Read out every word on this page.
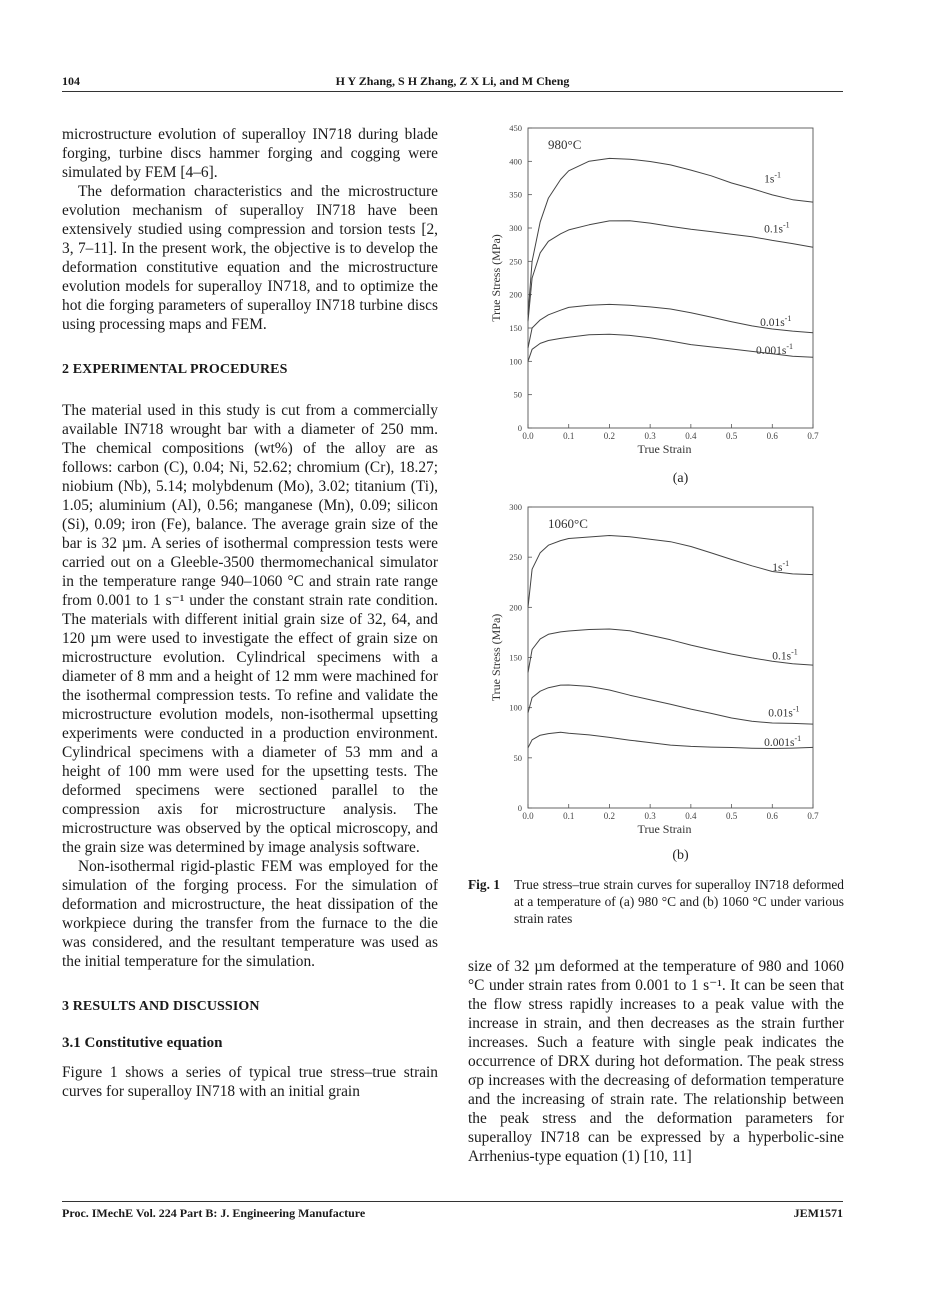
104	H Y Zhang, S H Zhang, Z X Li, and M Cheng

microstructure evolution of superalloy IN718 during blade forging, turbine discs hammer forging and cogging were simulated by FEM [4–6].

The deformation characteristics and the microstructure evolution mechanism of superalloy IN718 have been extensively studied using compression and torsion tests [2, 3, 7–11]. In the present work, the objective is to develop the deformation constitutive equation and the microstructure evolution models for superalloy IN718, and to optimize the hot die forging parameters of superalloy IN718 turbine discs using processing maps and FEM.

2 EXPERIMENTAL PROCEDURES

The material used in this study is cut from a commercially available IN718 wrought bar with a diameter of 250 mm. The chemical compositions (wt%) of the alloy are as follows: carbon (C), 0.04; Ni, 52.62; chromium (Cr), 18.27; niobium (Nb), 5.14; molybdenum (Mo), 3.02; titanium (Ti), 1.05; aluminium (Al), 0.56; manganese (Mn), 0.09; silicon (Si), 0.09; iron (Fe), balance. The average grain size of the bar is 32 µm. A series of isothermal compression tests were carried out on a Gleeble-3500 thermomechanical simulator in the temperature range 940–1060 °C and strain rate range from 0.001 to 1 s⁻¹ under the constant strain rate condition. The materials with different initial grain size of 32, 64, and 120 µm were used to investigate the effect of grain size on microstructure evolution. Cylindrical specimens with a diameter of 8 mm and a height of 12 mm were machined for the isothermal compression tests. To refine and validate the microstructure evolution models, non-isothermal upsetting experiments were conducted in a production environment. Cylindrical specimens with a diameter of 53 mm and a height of 100 mm were used for the upsetting tests. The deformed specimens were sectioned parallel to the compression axis for microstructure analysis. The microstructure was observed by the optical microscopy, and the grain size was determined by image analysis software.

Non-isothermal rigid-plastic FEM was employed for the simulation of the forging process. For the simulation of deformation and microstructure, the heat dissipation of the workpiece during the transfer from the furnace to the die was considered, and the resultant temperature was used as the initial temperature for the simulation.

3 RESULTS AND DISCUSSION

3.1 Constitutive equation

Figure 1 shows a series of typical true stress–true strain curves for superalloy IN718 with an initial grain

0.0	0.1	0.2	0.3	0.4	0.5	0.6	0.7
0
50
100
150
200
250
300
350
400
450
True Strain
True Stress (MPa)
980°C
$1s^{-1}$
$0.1s^{-1}$
$0.01s^{-1}$
$0.001s^{-1}$
(a)
0.0	0.1	0.2	0.3	0.4	0.5	0.6	0.7
0
50
100
150
200
250
300
True Strain
True Stress (MPa)
1060°C
$1s^{-1}$
$0.1s^{-1}$
$0.01s^{-1}$
$0.001s^{-1}$
(b)
Fig. 1 True stress–true strain curves for superalloy IN718 deformed at a temperature of (a) 980 °C and (b) 1060 °C under various strain rates

size of 32 µm deformed at the temperature of 980 and 1060 °C under strain rates from 0.001 to 1 s⁻¹. It can be seen that the flow stress rapidly increases to a peak value with the increase in strain, and then decreases as the strain further increases. Such a feature with single peak indicates the occurrence of DRX during hot deformation. The peak stress σp increases with the decreasing of deformation temperature and the increasing of strain rate. The relationship between the peak stress and the deformation parameters for superalloy IN718 can be expressed by a hyperbolic-sine Arrhenius-type equation (1) [10, 11]

Proc. IMechE Vol. 224 Part B: J. Engineering Manufacture	JEM1571
